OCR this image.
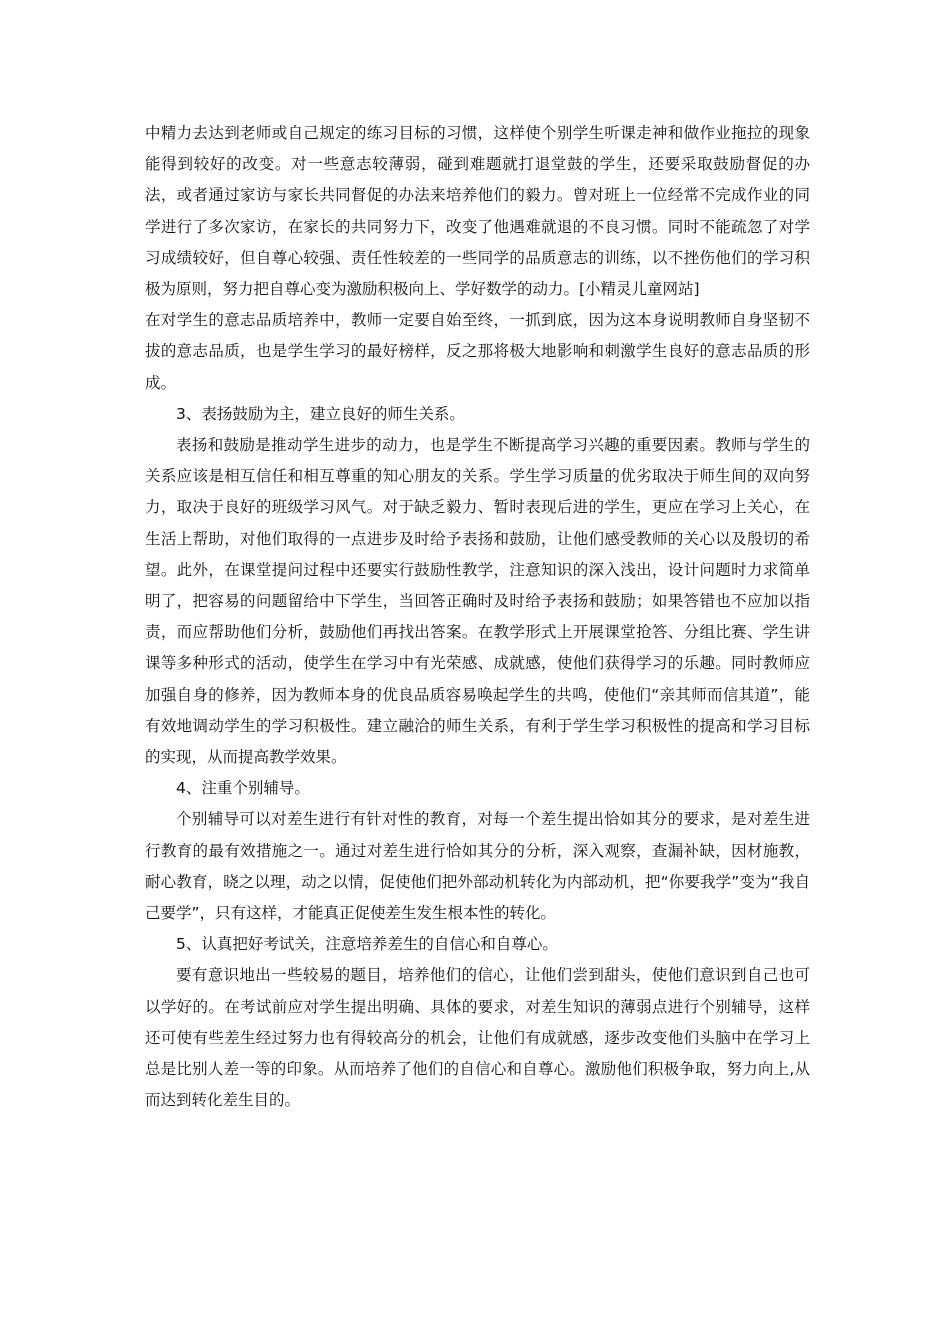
中精力去达到老师或自己规定的练习目标的习惯，这样使个别学生听课走神和做作业拖拉的现象能得到较好的改变。对一些意志较薄弱，碰到难题就打退堂鼓的学生，还要采取鼓励督促的办法，或者通过家访与家长共同督促的办法来培养他们的毅力。曾对班上一位经常不完成作业的同学进行了多次家访，在家长的共同努力下，改变了他遇难就退的不良习惯。同时不能疏忽了对学习成绩较好，但自尊心较强、责任性较差的一些同学的品质意志的训练，以不挫伤他们的学习积极为原则，努力把自尊心变为激励积极向上、学好数学的动力。[小精灵儿童网站]

在对学生的意志品质培养中，教师一定要自始至终，一抓到底，因为这本身说明教师自身坚韧不拔的意志品质，也是学生学习的最好榜样，反之那将极大地影响和刺激学生良好的意志品质的形成。

3、表扬鼓励为主，建立良好的师生关系。

表扬和鼓励是推动学生进步的动力，也是学生不断提高学习兴趣的重要因素。教师与学生的关系应该是相互信任和相互尊重的知心朋友的关系。学生学习质量的优劣取决于师生间的双向努力，取决于良好的班级学习风气。对于缺乏毅力、暂时表现后进的学生，更应在学习上关心，在生活上帮助，对他们取得的一点进步及时给予表扬和鼓励，让他们感受教师的关心以及殷切的希望。此外，在课堂提问过程中还要实行鼓励性教学，注意知识的深入浅出，设计问题时力求简单明了，把容易的问题留给中下学生，当回答正确时及时给予表扬和鼓励；如果答错也不应加以指责，而应帮助他们分析，鼓励他们再找出答案。在教学形式上开展课堂抢答、分组比赛、学生讲课等多种形式的活动，使学生在学习中有光荣感、成就感，使他们获得学习的乐趣。同时教师应加强自身的修养，因为教师本身的优良品质容易唤起学生的共鸣，使他们“亲其师而信其道”，能有效地调动学生的学习积极性。建立融洽的师生关系，有利于学生学习积极性的提高和学习目标的实现，从而提高教学效果。

4、注重个别辅导。

个别辅导可以对差生进行有针对性的教育，对每一个差生提出恰如其分的要求，是对差生进行教育的最有效措施之一。通过对差生进行恰如其分的分析，深入观察，查漏补缺，因材施教，耐心教育，晓之以理，动之以情，促使他们把外部动机转化为内部动机，把“你要我学”变为“我自己要学”，只有这样，才能真正促使差生发生根本性的转化。

5、认真把好考试关，注意培养差生的自信心和自尊心。

要有意识地出一些较易的题目，培养他们的信心，让他们尝到甜头，使他们意识到自己也可以学好的。在考试前应对学生提出明确、具体的要求，对差生知识的薄弱点进行个别辅导，这样还可使有些差生经过努力也有得较高分的机会，让他们有成就感，逐步改变他们头脑中在学习上总是比别人差一等的印象。从而培养了他们的自信心和自尊心。激励他们积极争取，努力向上,从而达到转化差生目的。
